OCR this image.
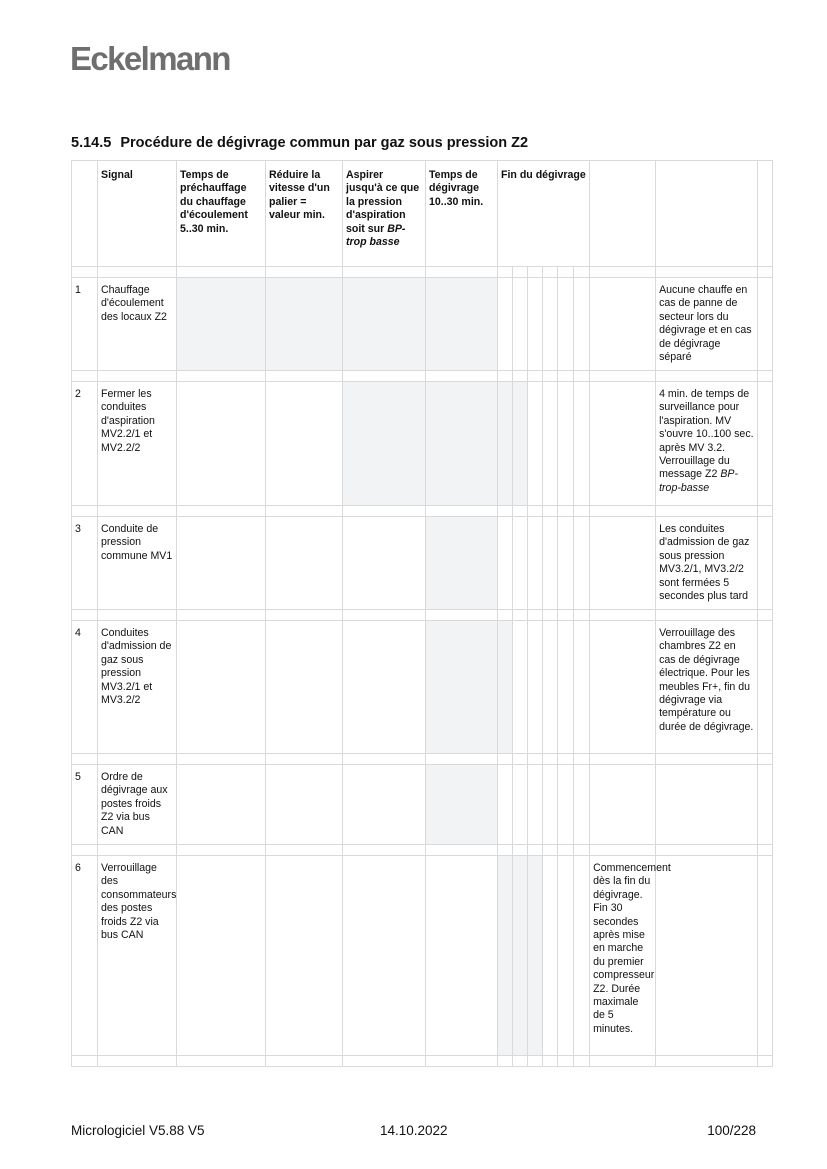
Eckelmann
5.14.5 Procédure de dégivrage commun par gaz sous pression Z2

	Signal	Temps de préchauffage du chauffage d'écoulement 5..30 min.	Réduire la vitesse d'un palier = valeur min.	Aspirer jusqu'à ce que la pression d'aspiration soit sur BP-trop basse	Temps de dégivrage 10..30 min.	Fin du dégivrage								

1	Chauffage d'écoulement des locaux Z2												Aucune chauffe en cas de panne de secteur lors du dégivrage et en cas de dégivrage séparé	

2	Fermer les conduites d'aspiration MV2.2/1 et MV2.2/2												4 min. de temps de surveillance pour l'aspiration. MV s'ouvre 10..100 sec. après MV 3.2. Verrouillage du message Z2 BP-trop-basse	

3	Conduite de pression commune MV1												Les conduites d'admission de gaz sous pression MV3.2/1, MV3.2/2 sont fermées 5 secondes plus tard	

4	Conduites d'admission de gaz sous pression MV3.2/1 et MV3.2/2												Verrouillage des chambres Z2 en cas de dégivrage électrique. Pour les meubles Fr+, fin du dégivrage via température ou durée de dégivrage.	

5	Ordre de dégivrage aux postes froids Z2 via bus CAN													

6	Verrouillage des consommateurs des postes froids Z2 via bus CAN											Commencement dès la fin du dégivrage. Fin 30 secondes après mise en marche du premier compresseur Z2. Durée maximale de 5 minutes.		

Micrologiciel V5.88 V5	14.10.2022	100/228
